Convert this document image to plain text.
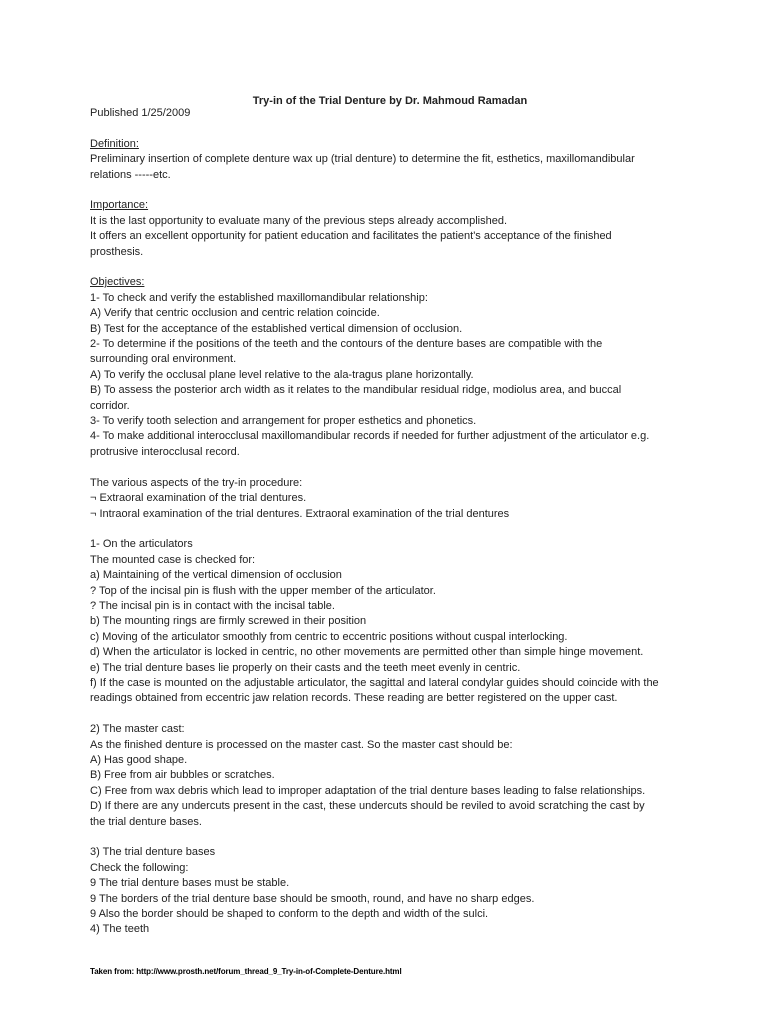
Try-in of the Trial Denture by Dr. Mahmoud Ramadan
Published 1/25/2009
Definition:
Preliminary insertion of complete denture wax up (trial denture) to determine the fit, esthetics, maxillomandibular
relations -----etc.
Importance:
It is the last opportunity to evaluate many of the previous steps already accomplished.
It offers an excellent opportunity for patient education and facilitates the patient's acceptance of the finished
prosthesis.
Objectives:
1- To check and verify the established maxillomandibular relationship:
A) Verify that centric occlusion and centric relation coincide.
B) Test for the acceptance of the established vertical dimension of occlusion.
2- To determine if the positions of the teeth and the contours of the denture bases are compatible with the
surrounding oral environment.
A) To verify the occlusal plane level relative to the ala-tragus plane horizontally.
B) To assess the posterior arch width as it relates to the mandibular residual ridge, modiolus area, and buccal
corridor.
3- To verify tooth selection and arrangement for proper esthetics and phonetics.
4- To make additional interocclusal maxillomandibular records if needed for further adjustment of the articulator e.g.
protrusive interocclusal record.
The various aspects of the try-in procedure:
¬ Extraoral examination of the trial dentures.
¬ Intraoral examination of the trial dentures. Extraoral examination of the trial dentures
1- On the articulators
The mounted case is checked for:
a) Maintaining of the vertical dimension of occlusion
? Top of the incisal pin is flush with the upper member of the articulator.
? The incisal pin is in contact with the incisal table.
b) The mounting rings are firmly screwed in their position
c) Moving of the articulator smoothly from centric to eccentric positions without cuspal interlocking.
d) When the articulator is locked in centric, no other movements are permitted other than simple hinge movement.
e) The trial denture bases lie properly on their casts and the teeth meet evenly in centric.
f) If the case is mounted on the adjustable articulator, the sagittal and lateral condylar guides should coincide with the
readings obtained from eccentric jaw relation records. These reading are better registered on the upper cast.
2) The master cast:
As the finished denture is processed on the master cast. So the master cast should be:
A) Has good shape.
B) Free from air bubbles or scratches.
C) Free from wax debris which lead to improper adaptation of the trial denture bases leading to false relationships.
D) If there are any undercuts present in the cast, these undercuts should be reviled to avoid scratching the cast by
the trial denture bases.
3) The trial denture bases
Check the following:
9 The trial denture bases must be stable.
9 The borders of the trial denture base should be smooth, round, and have no sharp edges.
9 Also the border should be shaped to conform to the depth and width of the sulci.
4) The teeth
Taken from: http://www.prosth.net/forum_thread_9_Try-in-of-Complete-Denture.html
